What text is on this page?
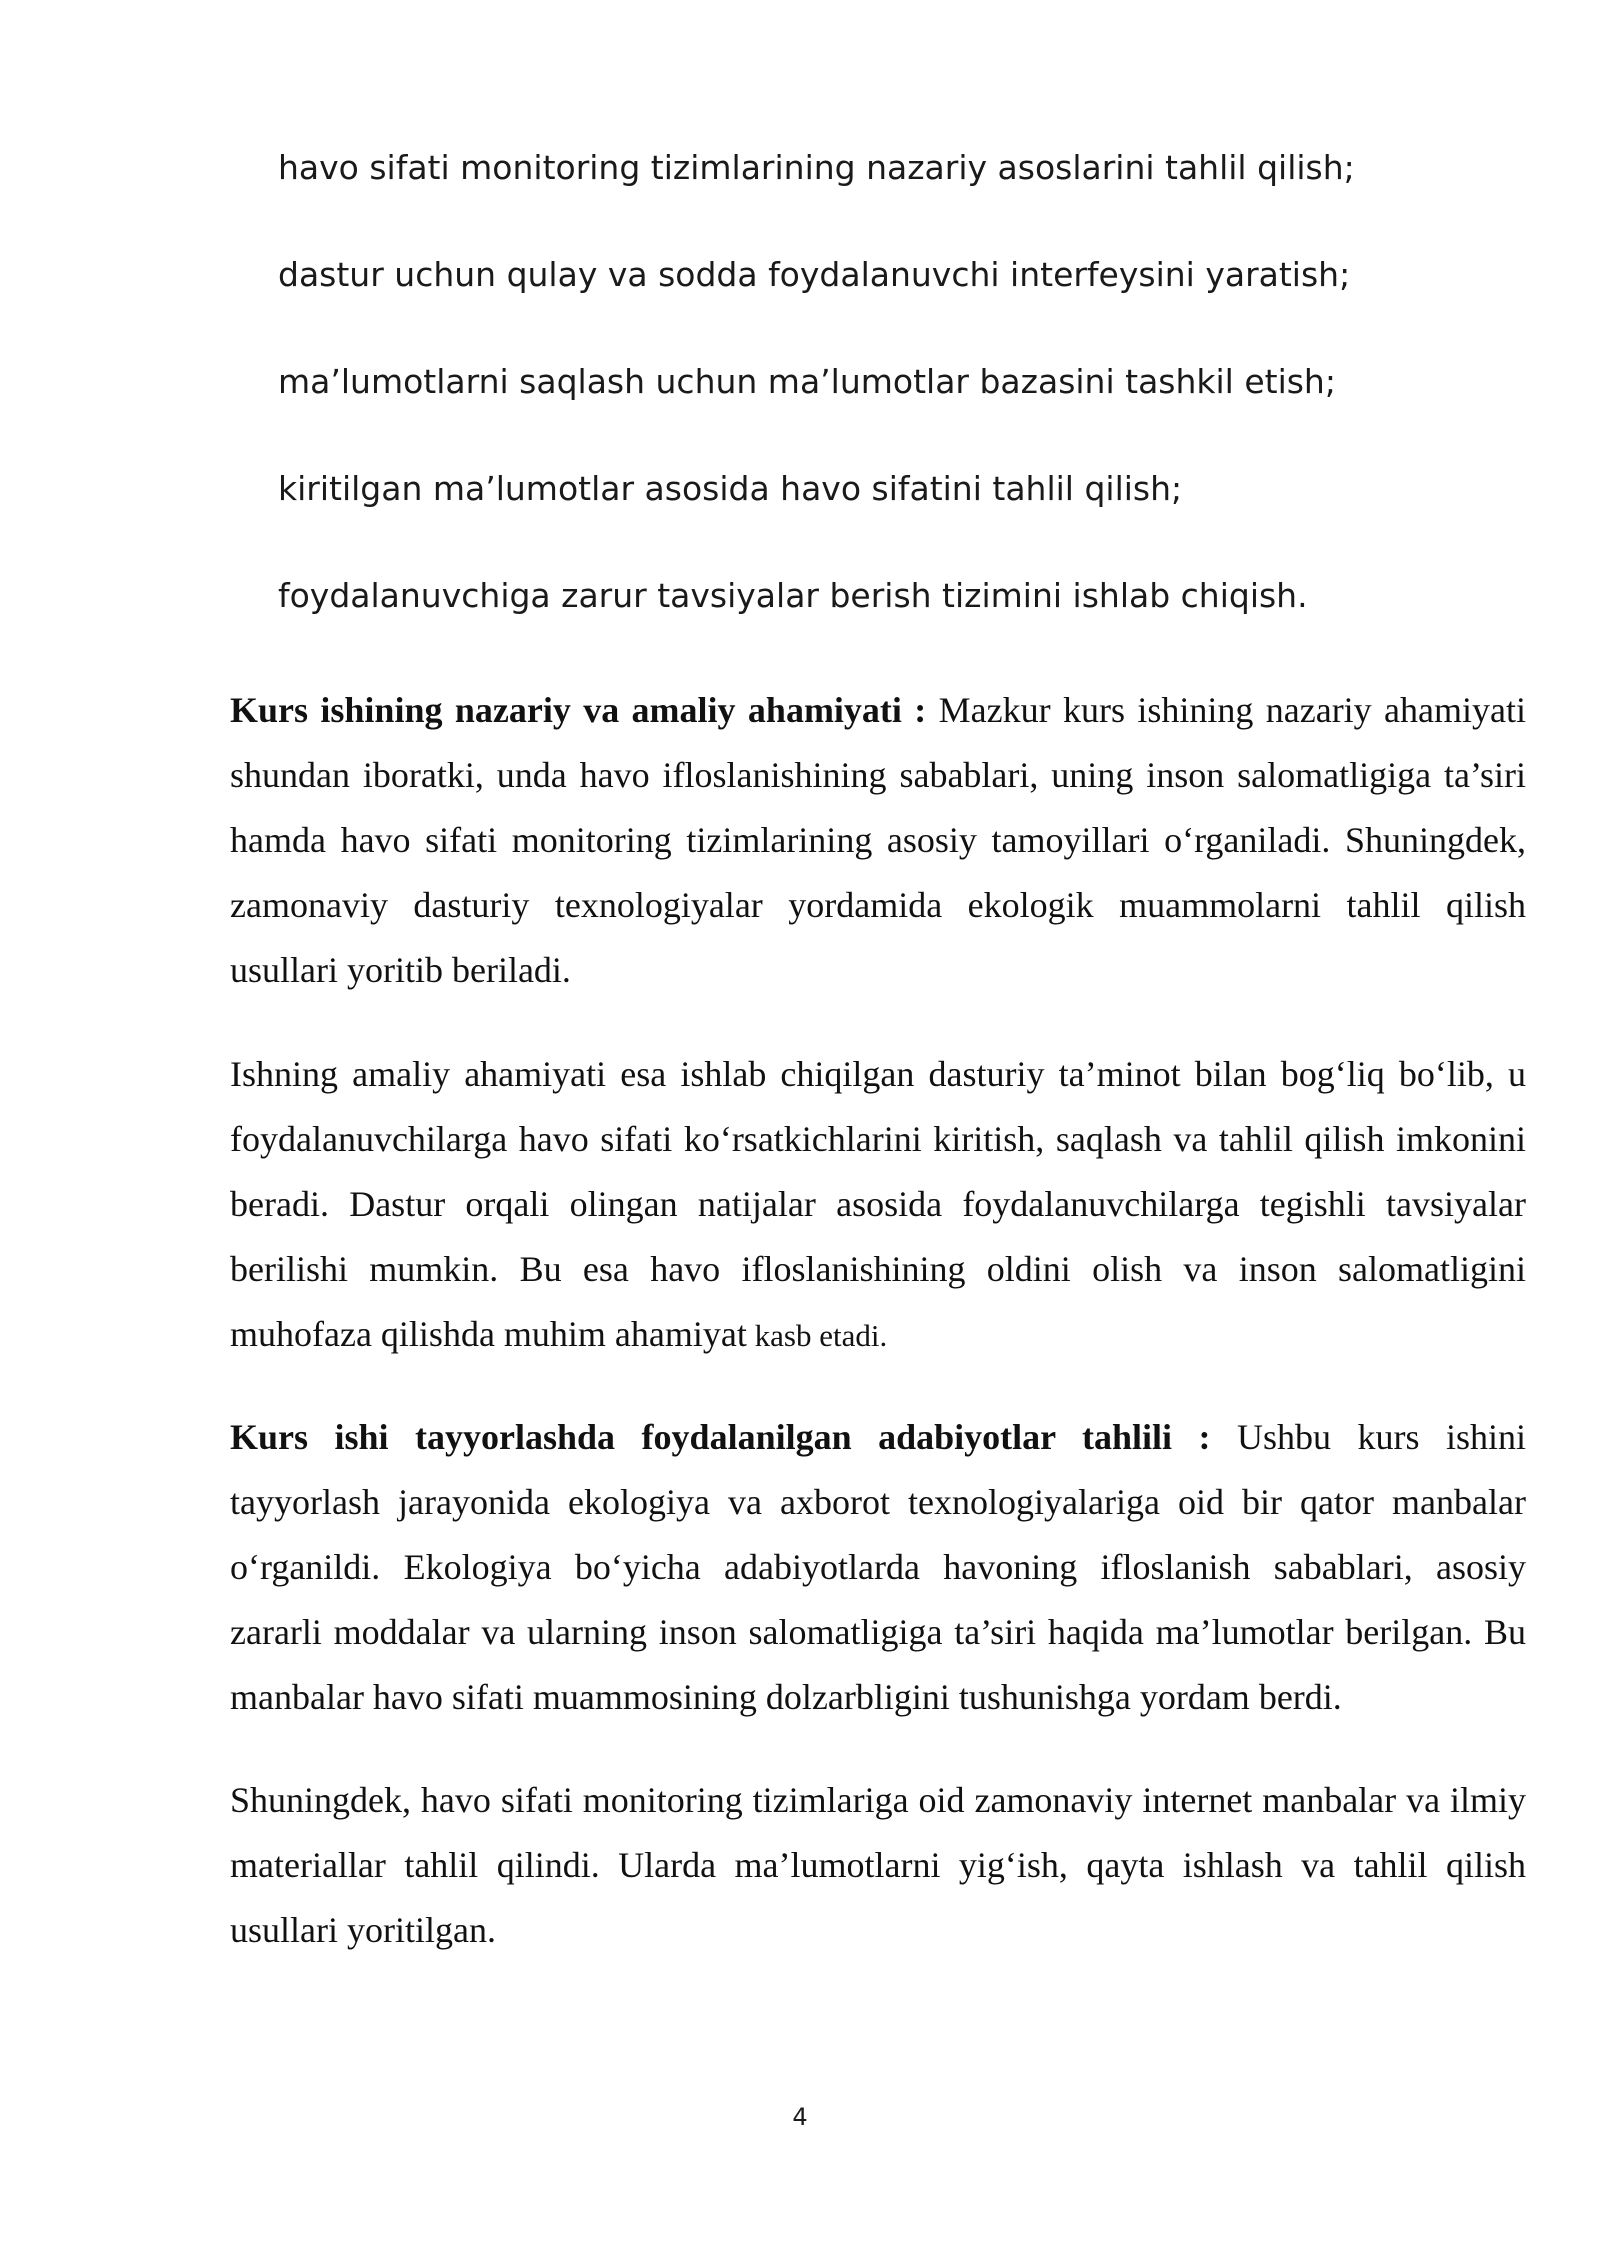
havo sifati monitoring tizimlarining nazariy asoslarini tahlil qilish;
dastur uchun qulay va sodda foydalanuvchi interfeysini yaratish;
ma’lumotlarni saqlash uchun ma’lumotlar bazasini tashkil etish;
kiritilgan ma’lumotlar asosida havo sifatini tahlil qilish;
foydalanuvchiga zarur tavsiyalar berish tizimini ishlab chiqish.

Kurs ishining nazariy va amaliy ahamiyati : Mazkur kurs ishining nazariy ahamiyati shundan iboratki, unda havo ifloslanishining sabablari, uning inson salomatligiga ta’siri hamda havo sifati monitoring tizimlarining asosiy tamoyillari o‘rganiladi. Shuningdek, zamonaviy dasturiy texnologiyalar yordamida ekologik muammolarni tahlil qilish usullari yoritib beriladi.

Ishning amaliy ahamiyati esa ishlab chiqilgan dasturiy ta’minot bilan bog‘liq bo‘lib, u foydalanuvchilarga havo sifati ko‘rsatkichlarini kiritish, saqlash va tahlil qilish imkonini beradi. Dastur orqali olingan natijalar asosida foydalanuvchilarga tegishli tavsiyalar berilishi mumkin. Bu esa havo ifloslanishining oldini olish va inson salomatligini muhofaza qilishda muhim ahamiyat kasb etadi.

Kurs ishi tayyorlashda foydalanilgan adabiyotlar tahlili : Ushbu kurs ishini tayyorlash jarayonida ekologiya va axborot texnologiyalariga oid bir qator manbalar o‘rganildi. Ekologiya bo‘yicha adabiyotlarda havoning ifloslanish sabablari, asosiy zararli moddalar va ularning inson salomatligiga ta’siri haqida ma’lumotlar berilgan. Bu manbalar havo sifati muammosining dolzarbligini tushunishga yordam berdi.

Shuningdek, havo sifati monitoring tizimlariga oid zamonaviy internet manbalar va ilmiy materiallar tahlil qilindi. Ularda ma’lumotlarni yig‘ish, qayta ishlash va tahlil qilish usullari yoritilgan.

4
